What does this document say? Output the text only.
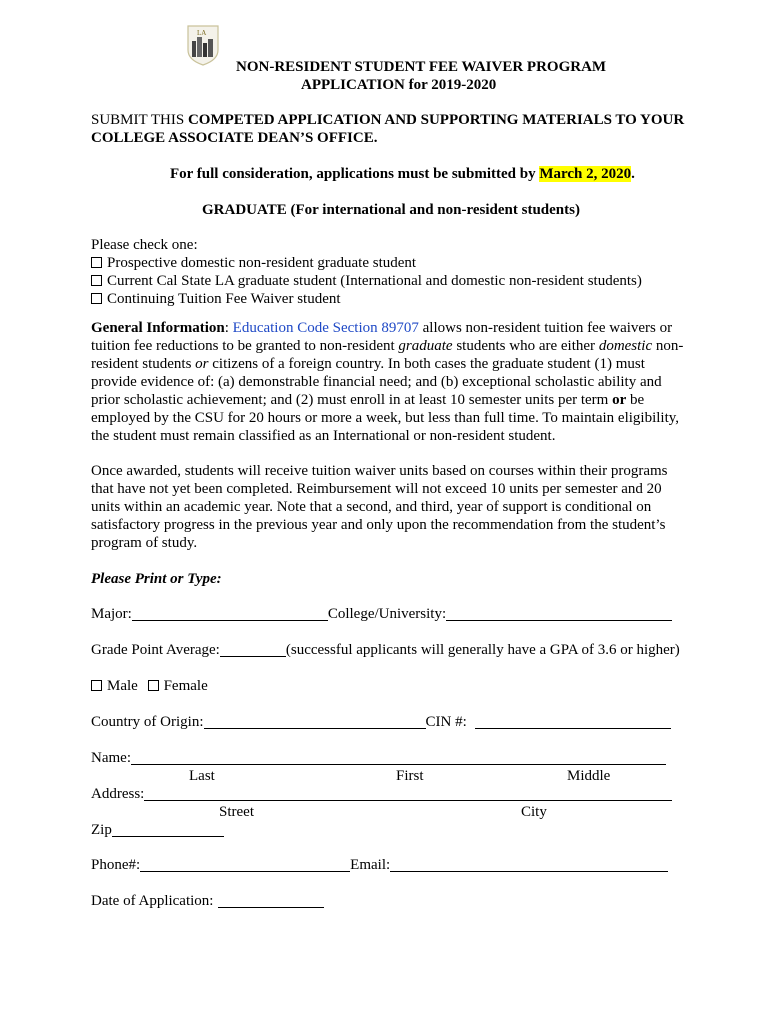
LA
NON-RESIDENT STUDENT FEE WAIVER PROGRAM
APPLICATION for 2019-2020
SUBMIT THIS COMPETED APPLICATION AND SUPPORTING MATERIALS TO YOUR
COLLEGE ASSOCIATE DEAN’S OFFICE.
For full consideration, applications must be submitted by March 2, 2020.
GRADUATE (For international and non-resident students)
Please check one:
Prospective domestic non-resident graduate student
Current Cal State LA graduate student (International and domestic non-resident students)
Continuing Tuition Fee Waiver student
General Information: Education Code Section 89707 allows non-resident tuition fee waivers or
tuition fee reductions to be granted to non-resident graduate students who are either domestic non-
resident students or citizens of a foreign country. In both cases the graduate student (1) must
provide evidence of: (a) demonstrable financial need; and (b) exceptional scholastic ability and
prior scholastic achievement; and (2) must enroll in at least 10 semester units per term or be
employed by the CSU for 20 hours or more a week, but less than full time. To maintain eligibility,
the student must remain classified as an International or non-resident student.
Once awarded, students will receive tuition waiver units based on courses within their programs
that have not yet been completed. Reimbursement will not exceed 10 units per semester and 20
units within an academic year. Note that a second, and third, year of support is conditional on
satisfactory progress in the previous year and only upon the recommendation from the student’s
program of study.
Please Print or Type:
Major:	College/University:
Grade Point Average:	(successful applicants will generally have a GPA of 3.6 or higher)
Male Female
Country of Origin:	CIN #:
Name:
Last	First	Middle
Address:
Street	City
Zip
Phone#:	Email:
Date of Application:
